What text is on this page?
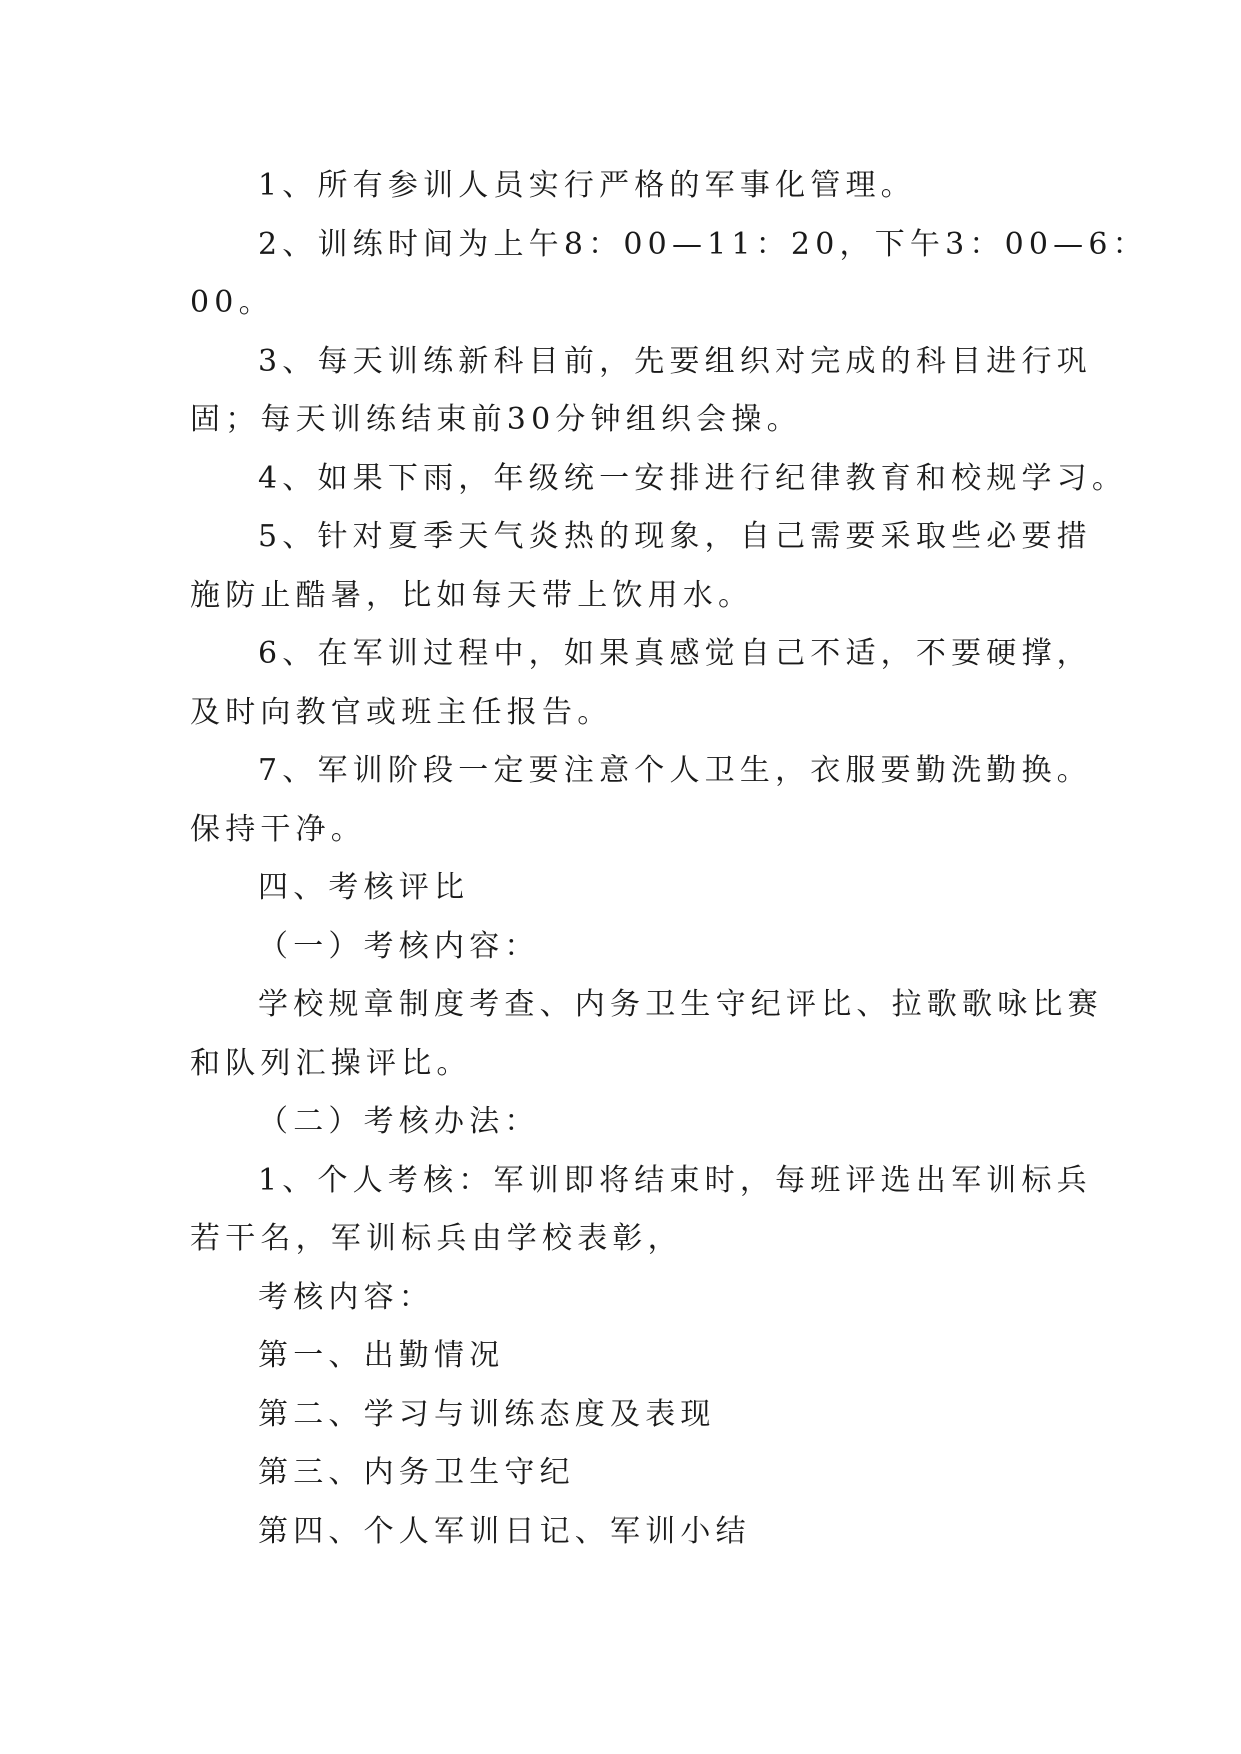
1、所有参训人员实行严格的军事化管理。

2、训练时间为上午8：00—11：20，下午3：00—6：

00。

3、每天训练新科目前，先要组织对完成的科目进行巩

固；每天训练结束前30分钟组织会操。

4、如果下雨，年级统一安排进行纪律教育和校规学习。

5、针对夏季天气炎热的现象，自己需要采取些必要措

施防止酷暑，比如每天带上饮用水。

6、在军训过程中，如果真感觉自己不适，不要硬撑，

及时向教官或班主任报告。

7、军训阶段一定要注意个人卫生，衣服要勤洗勤换。

保持干净。

四、考核评比

（一）考核内容：

学校规章制度考查、内务卫生守纪评比、拉歌歌咏比赛

和队列汇操评比。

（二）考核办法：

1、个人考核：军训即将结束时，每班评选出军训标兵

若干名，军训标兵由学校表彰，

考核内容：

第一、出勤情况

第二、学习与训练态度及表现

第三、内务卫生守纪

第四、个人军训日记、军训小结
